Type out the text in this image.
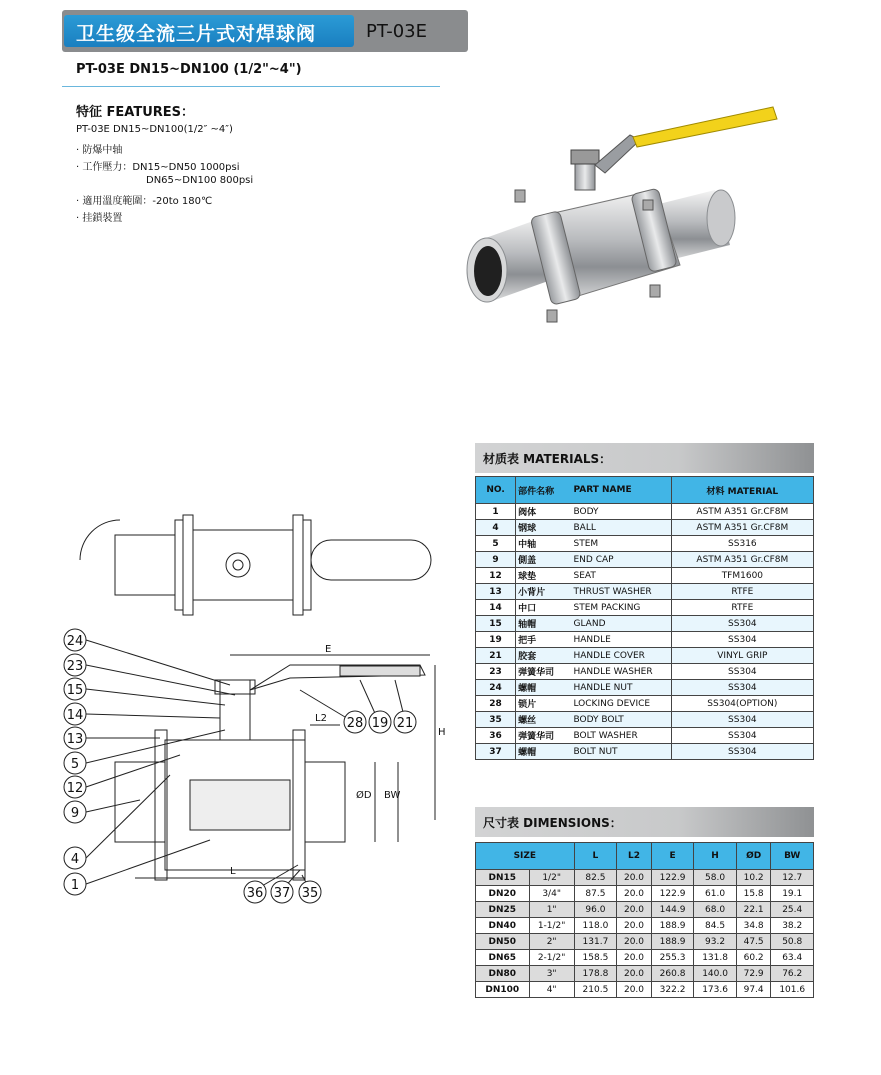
卫生级全流三片式对焊球阀	PT-03E
PT-03E DN15~DN100 (1/2"~4")
特征 FEATURES：
PT-03E DN15~DN100(1/2″ ~4″)
· 防爆中轴
· 工作壓力：DN15~DN50 1000psi
DN65~DN100 800psi
· 適用溫度範圍：-20to 180℃
· 挂鎖裝置
24
23
15
14
13
5
12
9
4
1
28 19 21
36 37 35
E
L2
H
ØD BW
L
材质表 MATERIALS：
NO.	部件名称	PART NAME	材料 MATERIAL
1	阀体	BODY	ASTM A351 Gr.CF8M
4	钢球	BALL	ASTM A351 Gr.CF8M
5	中轴	STEM	SS316
9	側盖	END CAP	ASTM A351 Gr.CF8M
12	球垫	SEAT	TFM1600
13	小背片	THRUST WASHER	RTFE
14	中口	STEM PACKING	RTFE
15	轴帽	GLAND	SS304
19	把手	HANDLE	SS304
21	胶套	HANDLE COVER	VINYL GRIP
23	弹簧华司	HANDLE WASHER	SS304
24	螺帽	HANDLE NUT	SS304
28	锁片	LOCKING DEVICE	SS304(OPTION)
35	螺丝	BODY BOLT	SS304
36	弹簧华司	BOLT WASHER	SS304
37	螺帽	BOLT NUT	SS304
尺寸表 DIMENSIONS：
SIZE		L	L2	E	H	ØD	BW
DN15	1/2"	82.5	20.0	122.9	58.0	10.2	12.7
DN20	3/4"	87.5	20.0	122.9	61.0	15.8	19.1
DN25	1"	96.0	20.0	144.9	68.0	22.1	25.4
DN40	1-1/2"	118.0	20.0	188.9	84.5	34.8	38.2
DN50	2"	131.7	20.0	188.9	93.2	47.5	50.8
DN65	2-1/2"	158.5	20.0	255.3	131.8	60.2	63.4
DN80	3"	178.8	20.0	260.8	140.0	72.9	76.2
DN100	4"	210.5	20.0	322.2	173.6	97.4	101.6
